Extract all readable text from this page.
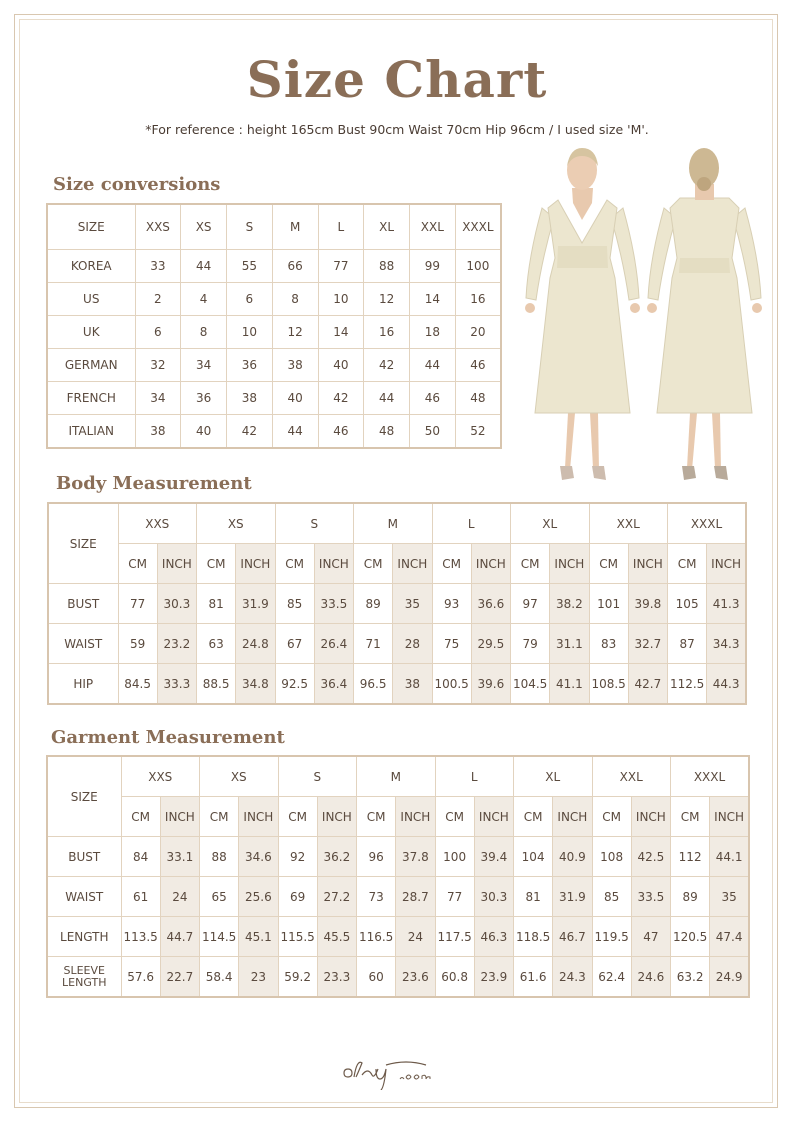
Size Chart
*For reference : height 165cm Bust 90cm Waist 70cm Hip 96cm / I used size 'M'.
Size conversions
SIZE	XXS	XS	S	M	L	XL	XXL	XXXL
KOREA	33	44	55	66	77	88	99	100
US	2	4	6	8	10	12	14	16
UK	6	8	10	12	14	16	18	20
GERMAN	32	34	36	38	40	42	44	46
FRENCH	34	36	38	40	42	44	46	48
ITALIAN	38	40	42	44	46	48	50	52
Body Measurement
SIZE	XXS		XS		S		M		L		XL		XXL		XXXL	
	CM	INCH	CM	INCH	CM	INCH	CM	INCH	CM	INCH	CM	INCH	CM	INCH	CM	INCH
BUST	77	30.3	81	31.9	85	33.5	89	35	93	36.6	97	38.2	101	39.8	105	41.3
WAIST	59	23.2	63	24.8	67	26.4	71	28	75	29.5	79	31.1	83	32.7	87	34.3
HIP	84.5	33.3	88.5	34.8	92.5	36.4	96.5	38	100.5	39.6	104.5	41.1	108.5	42.7	112.5	44.3
Garment Measurement
SIZE	XXS		XS		S		M		L		XL		XXL		XXXL	
	CM	INCH	CM	INCH	CM	INCH	CM	INCH	CM	INCH	CM	INCH	CM	INCH	CM	INCH
BUST	84	33.1	88	34.6	92	36.2	96	37.8	100	39.4	104	40.9	108	42.5	112	44.1
WAIST	61	24	65	25.6	69	27.2	73	28.7	77	30.3	81	31.9	85	33.5	89	35
LENGTH	113.5	44.7	114.5	45.1	115.5	45.5	116.5	24	117.5	46.3	118.5	46.7	119.5	47	120.5	47.4
SLEEVE LENGTH	57.6	22.7	58.4	23	59.2	23.3	60	23.6	60.8	23.9	61.6	24.3	62.4	24.6	63.2	24.9
